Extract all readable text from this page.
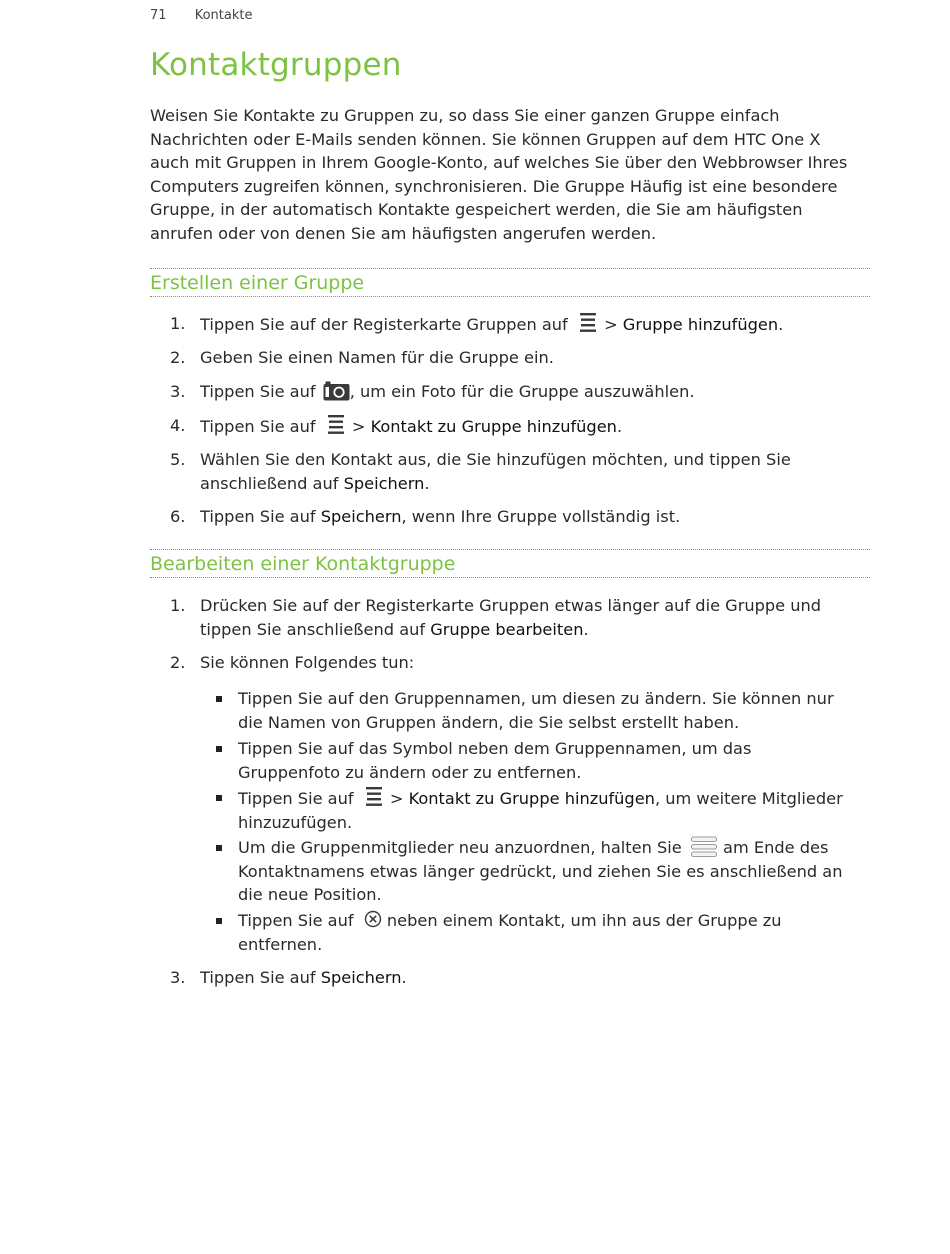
71 Kontakte
Kontaktgruppen

Weisen Sie Kontakte zu Gruppen zu, so dass Sie einer ganzen Gruppe einfach
Nachrichten oder E-Mails senden können. Sie können Gruppen auf dem HTC One X
auch mit Gruppen in Ihrem Google-Konto, auf welches Sie über den Webbrowser Ihres
Computers zugreifen können, synchronisieren. Die Gruppe Häufig ist eine besondere
Gruppe, in der automatisch Kontakte gespeichert werden, die Sie am häufigsten
anrufen oder von denen Sie am häufigsten angerufen werden.

Erstellen einer Gruppe
1. Tippen Sie auf der Registerkarte Gruppen auf  > Gruppe hinzufügen.
2. Geben Sie einen Namen für die Gruppe ein.
3. Tippen Sie auf , um ein Foto für die Gruppe auszuwählen.
4. Tippen Sie auf  > Kontakt zu Gruppe hinzufügen.
5. Wählen Sie den Kontakt aus, die Sie hinzufügen möchten, und tippen Sie
anschließend auf Speichern.
6. Tippen Sie auf Speichern, wenn Ihre Gruppe vollständig ist.
Bearbeiten einer Kontaktgruppe
1. Drücken Sie auf der Registerkarte Gruppen etwas länger auf die Gruppe und
tippen Sie anschließend auf Gruppe bearbeiten.
2. Sie können Folgendes tun:
Tippen Sie auf den Gruppennamen, um diesen zu ändern. Sie können nur
die Namen von Gruppen ändern, die Sie selbst erstellt haben.
Tippen Sie auf das Symbol neben dem Gruppennamen, um das
Gruppenfoto zu ändern oder zu entfernen.
Tippen Sie auf  > Kontakt zu Gruppe hinzufügen, um weitere Mitglieder
hinzuzufügen.
Um die Gruppenmitglieder neu anzuordnen, halten Sie  am Ende des
Kontaktnamens etwas länger gedrückt, und ziehen Sie es anschließend an
die neue Position.
Tippen Sie auf  neben einem Kontakt, um ihn aus der Gruppe zu
entfernen.
3. Tippen Sie auf Speichern.
